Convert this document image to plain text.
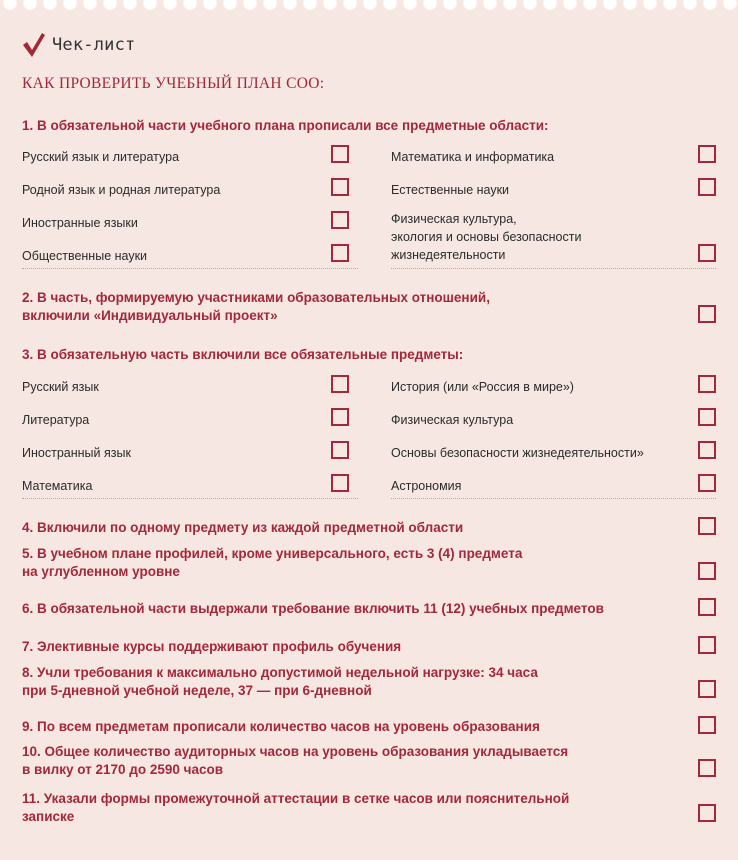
Чек-лист
КАК ПРОВЕРИТЬ УЧЕБНЫЙ ПЛАН СОО:
1. В обязательной части учебного плана прописали все предметные области:
Русский язык и литература
Родной язык и родная литература
Иностранные языки
Общественные науки
Математика и информатика
Естественные науки
Физическая культура,
экология и основы безопасности
жизнедеятельности
2. В часть, формируемую участниками образовательных отношений,
включили «Индивидуальный проект»
3. В обязательную часть включили все обязательные предметы:
Русский язык
Литература
Иностранный язык
Математика
История (или «Россия в мире»)
Физическая культура
Основы безопасности жизнедеятельности»
Астрономия
4. Включили по одному предмету из каждой предметной области
5. В учебном плане профилей, кроме универсального, есть 3 (4) предмета
на углубленном уровне
6. В обязательной части выдержали требование включить 11 (12) учебных предметов
7. Элективные курсы поддерживают профиль обучения
8. Учли требования к максимально допустимой недельной нагрузке: 34 часа
при 5-дневной учебной неделе, 37 — при 6-дневной
9. По всем предметам прописали количество часов на уровень образования
10. Общее количество аудиторных часов на уровень образования укладывается
в вилку от 2170 до 2590 часов
11. Указали формы промежуточной аттестации в сетке часов или пояснительной
записке
